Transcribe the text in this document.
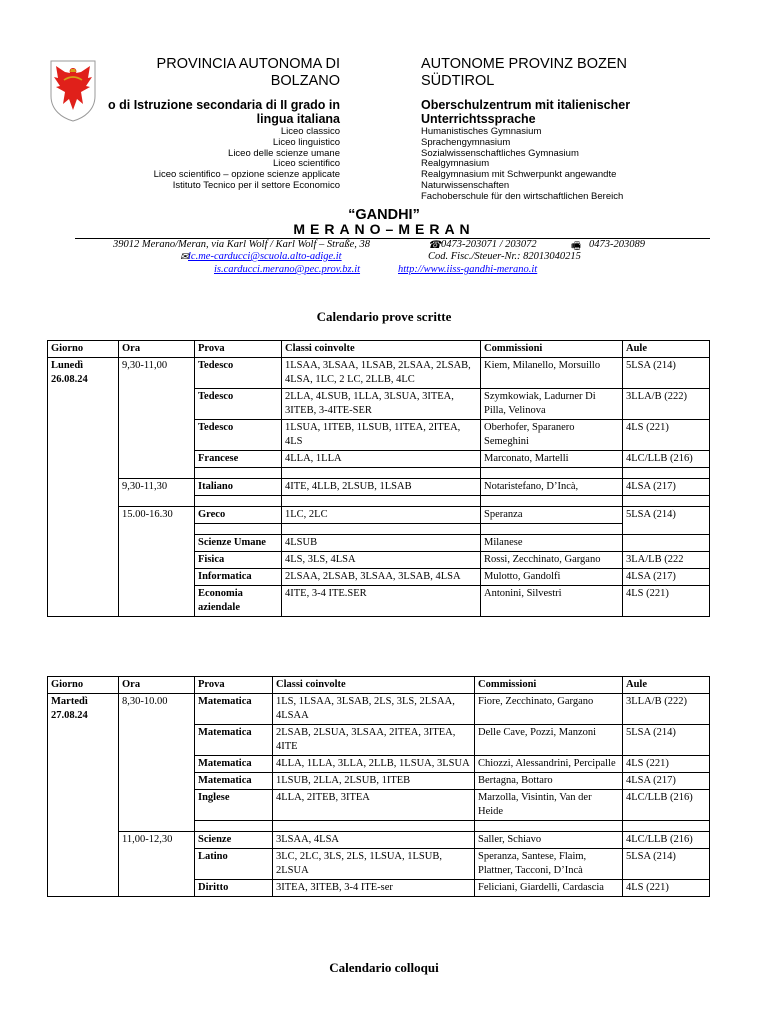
PROVINCIA AUTONOMA DI
BOLZANO
o di Istruzione secondaria di II grado in
lingua italiana
Liceo classico
Liceo linguistico
Liceo delle scienze umane
Liceo scientifico
Liceo scientifico – opzione scienze applicate
Istituto Tecnico per il settore Economico
AUTONOME PROVINZ BOZEN
SÜDTIROL
Oberschulzentrum mit italienischer
Unterrichtssprache
Humanistisches Gymnasium
Sprachengymnasium
Sozialwissenschaftliches Gymnasium
Realgymnasium
Realgymnasium mit Schwerpunkt angewandte
Naturwissenschaften
Fachoberschule für den wirtschaftlichen Bereich
“GANDHI”
MERANO–MERAN
39012 Merano/Meran, via Karl Wolf / Karl Wolf – Straße, 38	☎ 0473-203071 / 203072	🖷 0473-203089
✉ lc.me-carducci@scuola.alto-adige.it	Cod. Fisc./Steuer-Nr.: 82013040215
is.carducci.merano@pec.prov.bz.it	http://www.iiss-gandhi-merano.it
Calendario prove scritte
Giorno	Ora	Prova	Classi coinvolte	Commissioni	Aule

Lunedì
26.08.24	9,30-11,00	Tedesco	1LSAA, 3LSAA, 1LSAB, 2LSAA, 2LSAB, 4LSA, 1LC, 2 LC, 2LLB, 4LC	Kiem, Milanello, Morsuillo	5LSA (214)
		Tedesco	2LLA, 4LSUB, 1LLA, 3LSUA, 3ITEA, 3ITEB, 3-4ITE-SER	Szymkowiak, Ladurner Di Pilla, Velinova	3LLA/B (222)
		Tedesco	1LSUA, 1ITEB, 1LSUB, 1ITEA, 2ITEA, 4LS	Oberhofer, Sparanero Semeghini	4LS (221)
		Francese	4LLA, 1LLA	Marconato, Martelli	4LC/LLB (216)

	9,30-11,30	Italiano	4ITE, 4LLB, 2LSUB, 1LSAB	Notaristefano, D’Incà,	4LSA (217)

	15.00-16.30	Greco	1LC, 2LC	Speranza	5LSA (214)

		Scienze Umane	4LSUB	Milanese	
		Fisica	4LS, 3LS, 4LSA	Rossi, Zecchinato, Gargano	3LA/LB (222
		Informatica	2LSAA, 2LSAB, 3LSAA, 3LSAB, 4LSA	Mulotto, Gandolfi	4LSA (217)
		Economia aziendale	4ITE, 3-4 ITE.SER	Antonini, Silvestri	4LS (221)
Giorno	Ora	Prova	Classi coinvolte	Commissioni	Aule

Martedì
27.08.24	8,30-10.00	Matematica	1LS, 1LSAA, 3LSAB, 2LS, 3LS, 2LSAA, 4LSAA	Fiore, Zecchinato, Gargano	3LLA/B (222)
		Matematica	2LSAB, 2LSUA, 3LSAA, 2ITEA, 3ITEA, 4ITE	Delle Cave, Pozzi, Manzoni	5LSA (214)
		Matematica	4LLA, 1LLA, 3LLA, 2LLB, 1LSUA, 3LSUA	Chiozzi, Alessandrini, Percipalle	4LS (221)
		Matematica	1LSUB, 2LLA, 2LSUB, 1ITEB	Bertagna, Bottaro	4LSA (217)
		Inglese	4LLA, 2ITEB, 3ITEA	Marzolla, Visintin, Van der Heide	4LC/LLB (216)

	11,00-12,30	Scienze	3LSAA, 4LSA	Saller, Schiavo	4LC/LLB (216)
		Latino	3LC, 2LC, 3LS, 2LS, 1LSUA, 1LSUB, 2LSUA	Speranza, Santese, Flaim, Plattner, Tacconi, D’Incà	5LSA (214)
		Diritto	3ITEA, 3ITEB, 3-4 ITE-ser	Feliciani, Giardelli, Cardascia	4LS (221)
Calendario colloqui
